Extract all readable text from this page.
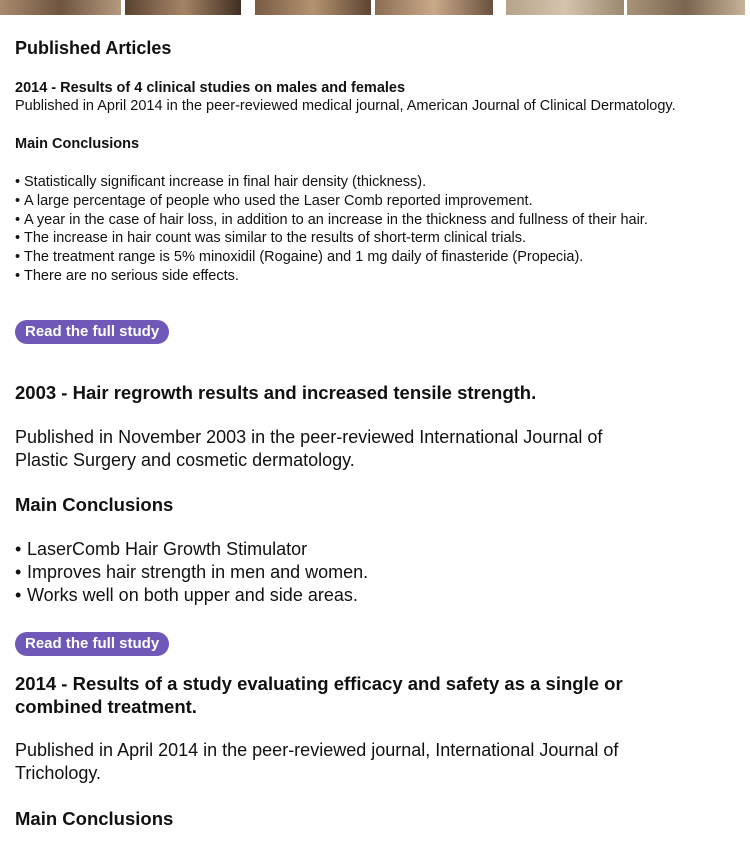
Published Articles
2014 - Results of 4 clinical studies on males and females
Published in April 2014 in the peer-reviewed medical journal, American Journal of Clinical Dermatology.
Main Conclusions
• Statistically significant increase in final hair density (thickness).
• A large percentage of people who used the Laser Comb reported improvement.
• A year in the case of hair loss, in addition to an increase in the thickness and fullness of their hair.
• The increase in hair count was similar to the results of short-term clinical trials.
• The treatment range is 5% minoxidil (Rogaine) and 1 mg daily of finasteride (Propecia).
• There are no serious side effects.
Read the full study
2003 - Hair regrowth results and increased tensile strength.
Published in November 2003 in the peer-reviewed International Journal of Plastic Surgery and cosmetic dermatology.
Main Conclusions
• LaserComb Hair Growth Stimulator
• Improves hair strength in men and women.
• Works well on both upper and side areas.
Read the full study
2014 - Results of a study evaluating efficacy and safety as a single or combined treatment.
Published in April 2014 in the peer-reviewed journal, International Journal of Trichology.
Main Conclusions
